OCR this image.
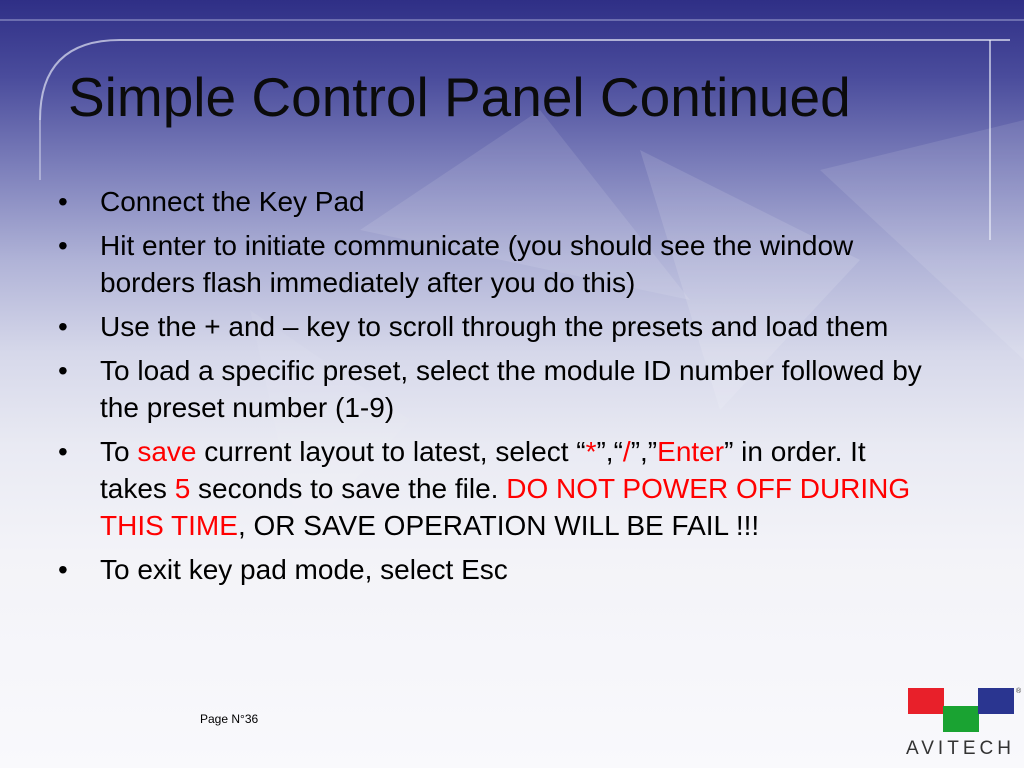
Simple Control Panel Continued
• Connect the Key Pad
• Hit enter to initiate communicate (you should see the window borders flash immediately after you do this)
• Use the + and – key to scroll through the presets and load them
• To load a specific preset, select the module ID number followed by the preset number (1-9)
• To save current layout to latest, select “*”,“/”,”Enter” in order. It takes 5 seconds to save the file. DO NOT POWER OFF DURING THIS TIME, OR SAVE OPERATION WILL BE FAIL !!!
• To exit key pad mode, select Esc
Page N°36
AVITECH
®
